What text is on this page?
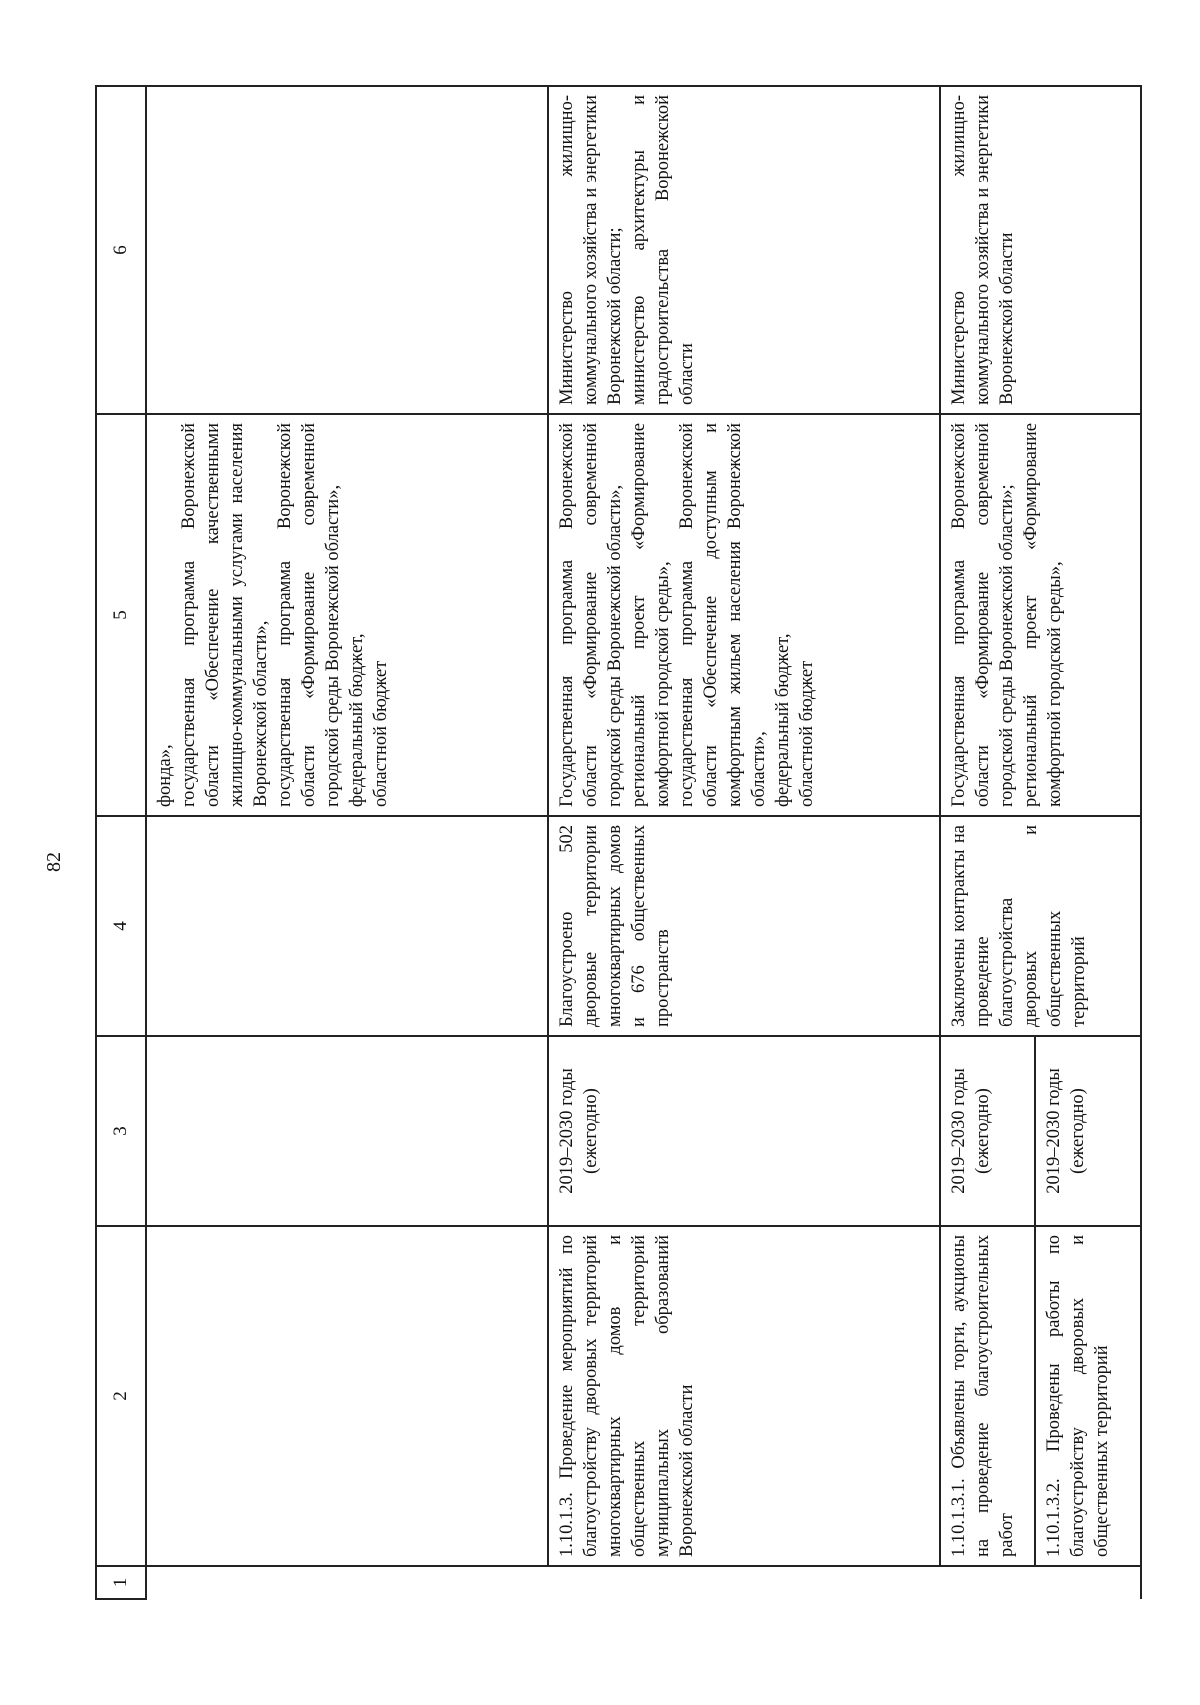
82
1	2	3	4	5	6

				фонда», государственная программа Воронежской области «Обеспечение качественными жилищно-коммунальными услугами населения Воронежской области», государственная программа Воронежской области «Формирование современной городской среды Воронежской области», федеральный бюджет, областной бюджет	

	1.10.1.3. Проведение мероприятий по благоустройству дворовых территорий многоквартирных домов и общественных территорий муниципальных образований Воронежской области	2019–2030 годы (ежегодно)	Благоустроено 502 дворовые территории многоквартирных домов и 676 общественных пространств	Государственная программа Воронежской области «Формирование современной городской среды Воронежской области», региональный проект «Формирование комфортной городской среды», государственная программа Воронежской области «Обеспечение доступным и комфортным жильем населения Воронежской области», федеральный бюджет, областной бюджет	Министерство жилищно-коммунального хозяйства и энергетики Воронежской области; министерство архитектуры и градостроительства Воронежской области

	1.10.1.3.1. Объявлены торги, аукционы на проведение благоустроительных работ	2019–2030 годы (ежегодно)	Заключены контракты на проведение благоустройства дворовых и общественных территорий	Государственная программа Воронежской области «Формирование современной городской среды Воронежской области»; региональный проект «Формирование комфортной городской среды»,	Министерство жилищно-коммунального хозяйства и энергетики Воронежской области

	1.10.1.3.2. Проведены работы по благоустройству дворовых и общественных территорий	2019–2030 годы (ежегодно)			
